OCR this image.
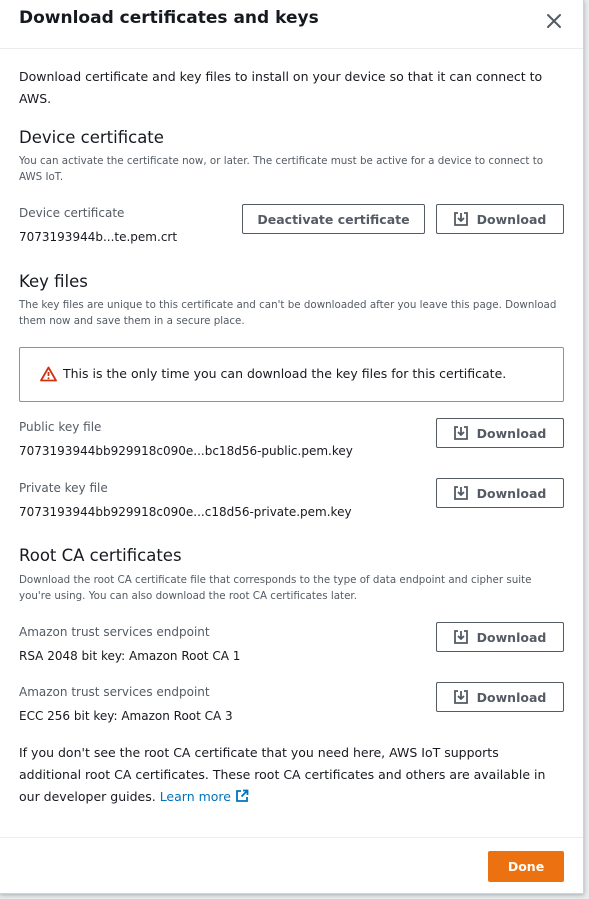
Download certificates and keys

Download certificate and key files to install on your device so that it can connect to AWS.

Device certificate

You can activate the certificate now, or later. The certificate must be active for a device to connect to AWS IoT.

Device certificate
7073193944b...te.pem.crt
Deactivate certificate	Download
Key files

The key files are unique to this certificate and can't be downloaded after you leave this page. Download them now and save them in a secure place.

This is the only time you can download the key files for this certificate.
Public key file
7073193944bb929918c090e...bc18d56-public.pem.key
Download
Private key file
7073193944bb929918c090e...c18d56-private.pem.key
Download
Root CA certificates

Download the root CA certificate file that corresponds to the type of data endpoint and cipher suite you're using. You can also download the root CA certificates later.

Amazon trust services endpoint
RSA 2048 bit key: Amazon Root CA 1
Download
Amazon trust services endpoint
ECC 256 bit key: Amazon Root CA 3
Download

If you don't see the root CA certificate that you need here, AWS IoT supports additional root CA certificates. These root CA certificates and others are available in our developer guides. Learn more

Done
